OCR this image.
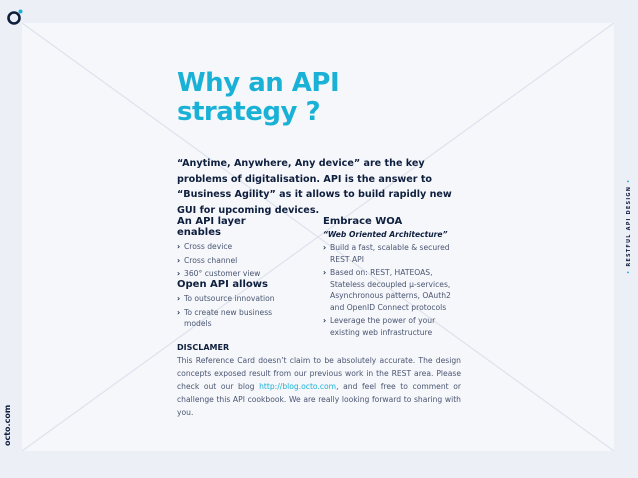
octo.com
• RESTFUL API DESIGN •
Why an API
strategy ?

“Anytime, Anywhere, Any device” are the key problems of digitalisation. API is the answer to “Business Agility” as it allows to build rapidly new GUI for upcoming devices.

An API layer enables
› Cross device
› Cross channel
› 360° customer view
Open API allows
› To outsource innovation
› To create new business models
Embrace WOA

“Web Oriented Architecture”

› Build a fast, scalable & secured REST API
› Based on: REST, HATEOAS, Stateless decoupled µ-services, Asynchronous patterns, OAuth2 and OpenID Connect protocols
› Leverage the power of your existing web infrastructure
DISCLAMER

This Reference Card doesn’t claim to be absolutely accurate. The design concepts exposed result from our previous work in the REST area. Please check out our blog http://blog.octo.com, and feel free to comment or challenge this API cookbook. We are really looking forward to sharing with you.
